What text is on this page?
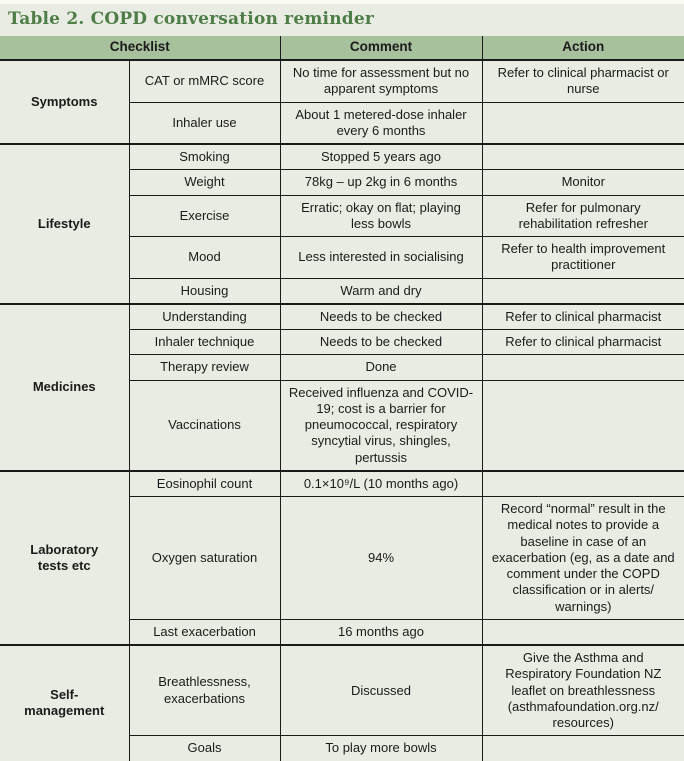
Table 2. COPD conversation reminder
Checklist		Comment	Action
Symptoms	CAT or mMRC score	No time for assessment but no apparent symptoms	Refer to clinical pharmacist or nurse
	Inhaler use	About 1 metered-dose inhaler every 6 months	
Lifestyle	Smoking	Stopped 5 years ago	
	Weight	78kg – up 2kg in 6 months	Monitor
	Exercise	Erratic; okay on flat; playing less bowls	Refer for pulmonary rehabilitation refresher
	Mood	Less interested in socialising	Refer to health improvement practitioner
	Housing	Warm and dry	
Medicines	Understanding	Needs to be checked	Refer to clinical pharmacist
	Inhaler technique	Needs to be checked	Refer to clinical pharmacist
	Therapy review	Done	
	Vaccinations	Received influenza and COVID-19; cost is a barrier for pneumococcal, respiratory syncytial virus, shingles, pertussis	
Laboratory tests etc	Eosinophil count	0.1×10⁹/L (10 months ago)	
	Oxygen saturation	94%	Record “normal” result in the medical notes to provide a baseline in case of an exacerbation (eg, as a date and comment under the COPD classification or in alerts/ warnings)
	Last exacerbation	16 months ago	
Self-management	Breathlessness, exacerbations	Discussed	Give the Asthma and Respiratory Foundation NZ leaflet on breathlessness (asthmafoundation.org.nz/ resources)
	Goals	To play more bowls	
